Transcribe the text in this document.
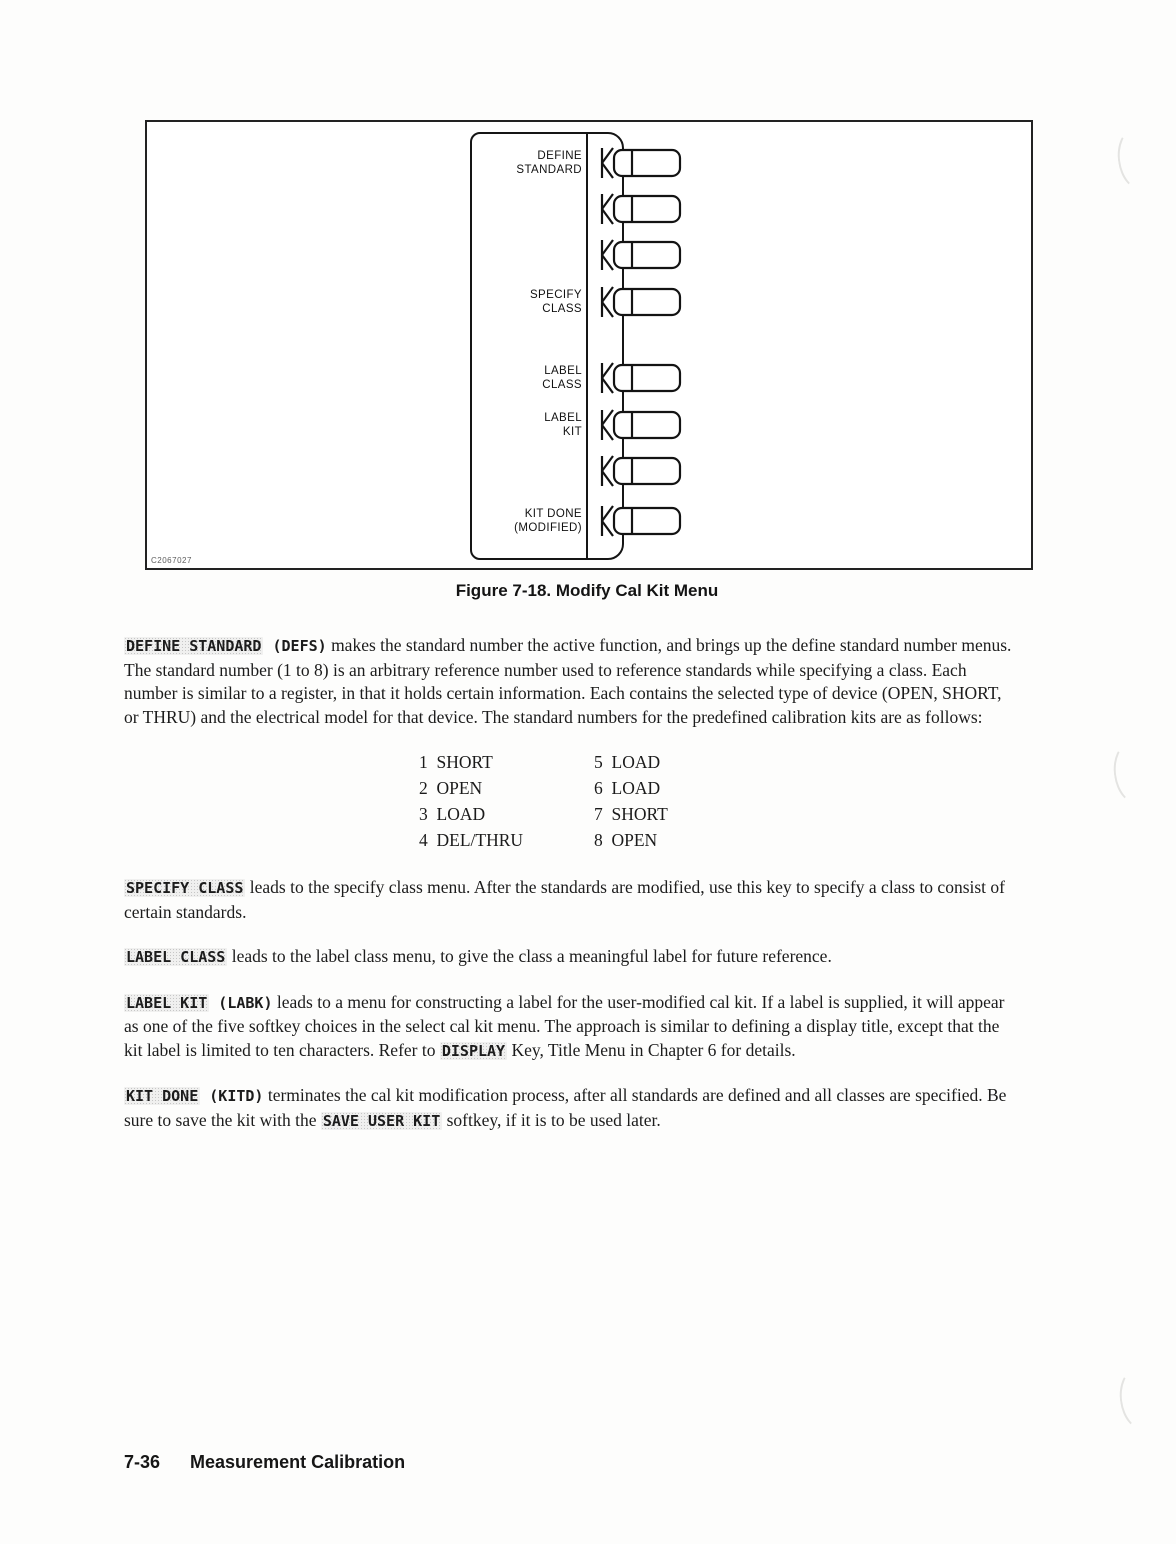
DEFINE
STANDARD
SPECIFY
CLASS
LABEL
CLASS
LABEL
KIT
KIT DONE
(MODIFIED)
C2067027
Figure 7-18. Modify Cal Kit Menu

DEFINE STANDARD (DEFS) makes the standard number the active function, and brings up the define standard number menus. The standard number (1 to 8) is an arbitrary reference number used to reference standards while specifying a class. Each number is similar to a register, in that it holds certain information. Each contains the selected type of device (OPEN, SHORT, or THRU) and the electrical model for that device. The standard numbers for the predefined calibration kits are as follows:

1  SHORT	5  LOAD
2  OPEN	6  LOAD
3  LOAD	7  SHORT
4  DEL/THRU	8  OPEN

SPECIFY CLASS leads to the specify class menu. After the standards are modified, use this key to specify a class to consist of certain standards.

LABEL CLASS leads to the label class menu, to give the class a meaningful label for future reference.

LABEL KIT (LABK) leads to a menu for constructing a label for the user-modified cal kit. If a label is supplied, it will appear as one of the five softkey choices in the select cal kit menu. The approach is similar to defining a display title, except that the kit label is limited to ten characters. Refer to DISPLAY Key, Title Menu in Chapter 6 for details.

KIT DONE (KITD) terminates the cal kit modification process, after all standards are defined and all classes are specified. Be sure to save the kit with the SAVE USER KIT softkey, if it is to be used later.

7-36 Measurement Calibration
